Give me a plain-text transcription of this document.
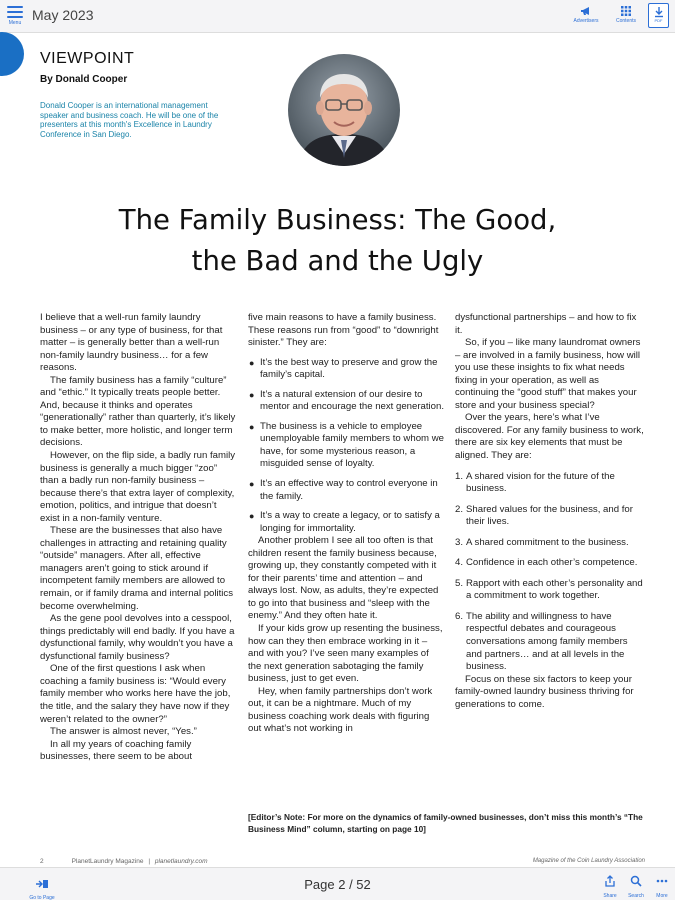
Menu May 2023	Advertisers	Contents	PDF
VIEWPOINT
By Donald Cooper
Donald Cooper is an international management speaker and business coach. He will be one of the presenters at this month's Excellence in Laundry Conference in San Diego.
The Family Business: The Good,
the Bad and the Ugly

I believe that a well-run family laundry business – or any type of business, for that matter – is generally better than a well-run non-family laundry business… for a few reasons.

The family business has a family “culture” and “ethic.” It typically treats people better. And, because it thinks and operates “generationally” rather than quarterly, it’s likely to make better, more holistic, and longer term decisions.

However, on the flip side, a badly run family business is generally a much bigger “zoo” than a badly run non-family business – because there’s that extra layer of complexity, emotion, politics, and intrigue that doesn’t exist in a non-family venture.

These are the businesses that also have challenges in attracting and retaining quality “outside” managers. After all, effective managers aren’t going to stick around if incompetent family members are allowed to remain, or if family drama and internal politics become overwhelming.

As the gene pool devolves into a cesspool, things predictably will end badly. If you have a dysfunctional family, why wouldn’t you have a dysfunctional family business?

One of the first questions I ask when coaching a family business is: “Would every family member who works here have the job, the title, and the salary they have now if they weren’t related to the owner?”

The answer is almost never, “Yes.”

In all my years of coaching family businesses, there seem to be about

five main reasons to have a family business. These reasons run from “good” to “downright sinister.” They are:

● It’s the best way to preserve and grow the family’s capital.
● It’s a natural extension of our desire to mentor and encourage the next generation.
● The business is a vehicle to employee unemployable family members to whom we have, for some mysterious reason, a misguided sense of loyalty.
● It’s an effective way to control everyone in the family.
● It’s a way to create a legacy, or to satisfy a longing for immortality.

Another problem I see all too often is that children resent the family business because, growing up, they constantly competed with it for their parents’ time and attention – and always lost. Now, as adults, they’re expected to go into that business and “sleep with the enemy.” And they often hate it.

If your kids grow up resenting the business, how can they then embrace working in it – and with you? I’ve seen many examples of the next generation sabotaging the family business, just to get even.

Hey, when family partnerships don’t work out, it can be a nightmare. Much of my business coaching work deals with figuring out what’s not working in

dysfunctional partnerships – and how to fix it.

So, if you – like many laundromat owners – are involved in a family business, how will you use these insights to fix what needs fixing in your operation, as well as continuing the “good stuff” that makes your store and your business special?

Over the years, here’s what I’ve discovered. For any family business to work, there are six key elements that must be aligned. They are:

1. A shared vision for the future of the business.
2. Shared values for the business, and for their lives.
3. A shared commitment to the business.
4. Confidence in each other’s competence.
5. Rapport with each other’s personality and a commitment to work together.
6. The ability and willingness to have respectful debates and courageous conversations among family members and partners… and at all levels in the business.

Focus on these six factors to keep your family-owned laundry business thriving for generations to come.

[Editor’s Note: For more on the dynamics of family-owned businesses, don’t miss this month’s “The Business Mind” column, starting on page 10]
2	PlanetLaundry Magazine | planetlaundry.com	Magazine of the Coin Laundry Association
Go to Page
Page 2 / 52
Share	Search	More
